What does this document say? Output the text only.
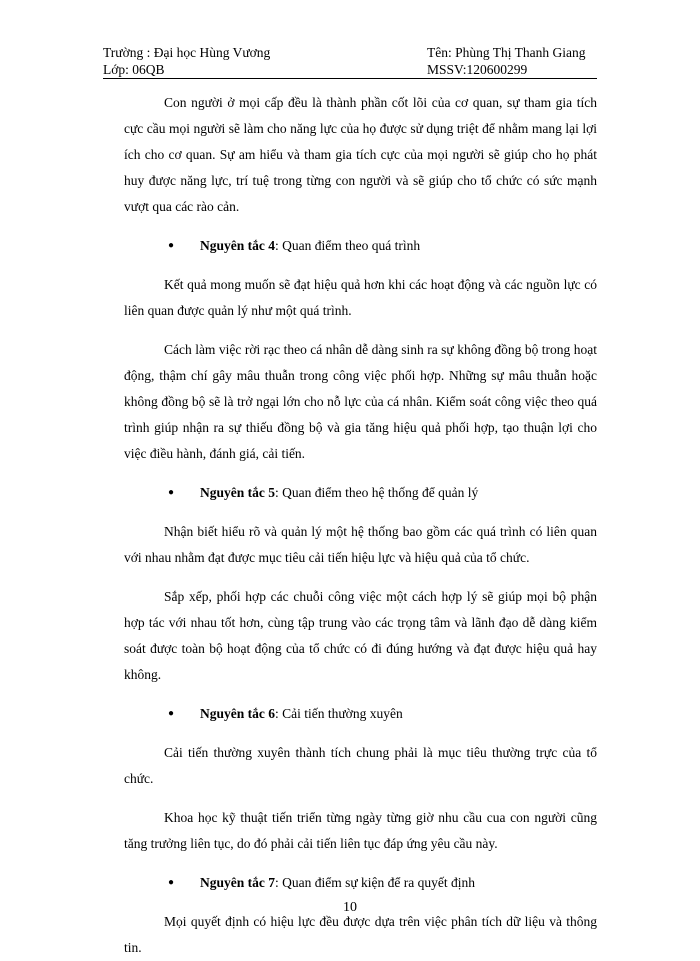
Trường : Đại học Hùng Vương	Tên: Phùng Thị Thanh Giang
Lớp: 06QB	MSSV:120600299

Con người ở mọi cấp đều là thành phần cốt lõi của cơ quan, sự tham gia tích cực cầu mọi người sẽ làm cho năng lực của họ được sử dụng triệt để nhằm mang lại lợi ích cho cơ quan. Sự am hiểu và tham gia tích cực của mọi người sẽ giúp cho họ phát huy được năng lực, trí tuệ trong từng con người và sẽ giúp cho tổ chức có sức mạnh vượt qua các rào cản.

● Nguyên tắc 4: Quan điểm theo quá trình

Kết quả mong muốn sẽ đạt hiệu quả hơn khi các hoạt động và các nguồn lực có liên quan được quản lý như một quá trình.

Cách làm việc rời rạc theo cá nhân dễ dàng sinh ra sự không đồng bộ trong hoạt động, thậm chí gây mâu thuẫn trong công việc phối hợp. Những sự mâu thuẫn hoặc không đồng bộ sẽ là trở ngại lớn cho nỗ lực của cá nhân. Kiểm soát công việc theo quá trình giúp nhận ra sự thiếu đồng bộ và gia tăng hiệu quả phối hợp, tạo thuận lợi cho việc điều hành, đánh giá, cải tiến.

● Nguyên tắc 5: Quan điểm theo hệ thống để quản lý

Nhận biết hiểu rõ và quản lý một hệ thống bao gồm các quá trình có liên quan với nhau nhằm đạt được mục tiêu cải tiến hiệu lực và hiệu quả của tổ chức.

Sắp xếp, phối hợp các chuỗi công việc một cách hợp lý sẽ giúp mọi bộ phận hợp tác với nhau tốt hơn, cùng tập trung vào các trọng tâm và lãnh đạo dễ dàng kiểm soát được toàn bộ hoạt động của tổ chức có đi đúng hướng và đạt được hiệu quả hay không.

● Nguyên tắc 6: Cải tiến thường xuyên

Cải tiến thường xuyên thành tích chung phải là mục tiêu thường trực của tổ chức.

Khoa học kỹ thuật tiến triển từng ngày từng giờ nhu cầu cua con người cũng tăng trưởng liên tục, do đó phải cải tiến liên tục đáp ứng yêu cầu này.

● Nguyên tắc 7: Quan điểm sự kiện để ra quyết định

Mọi quyết định có hiệu lực đều được dựa trên việc phân tích dữ liệu và thông tin.

10
